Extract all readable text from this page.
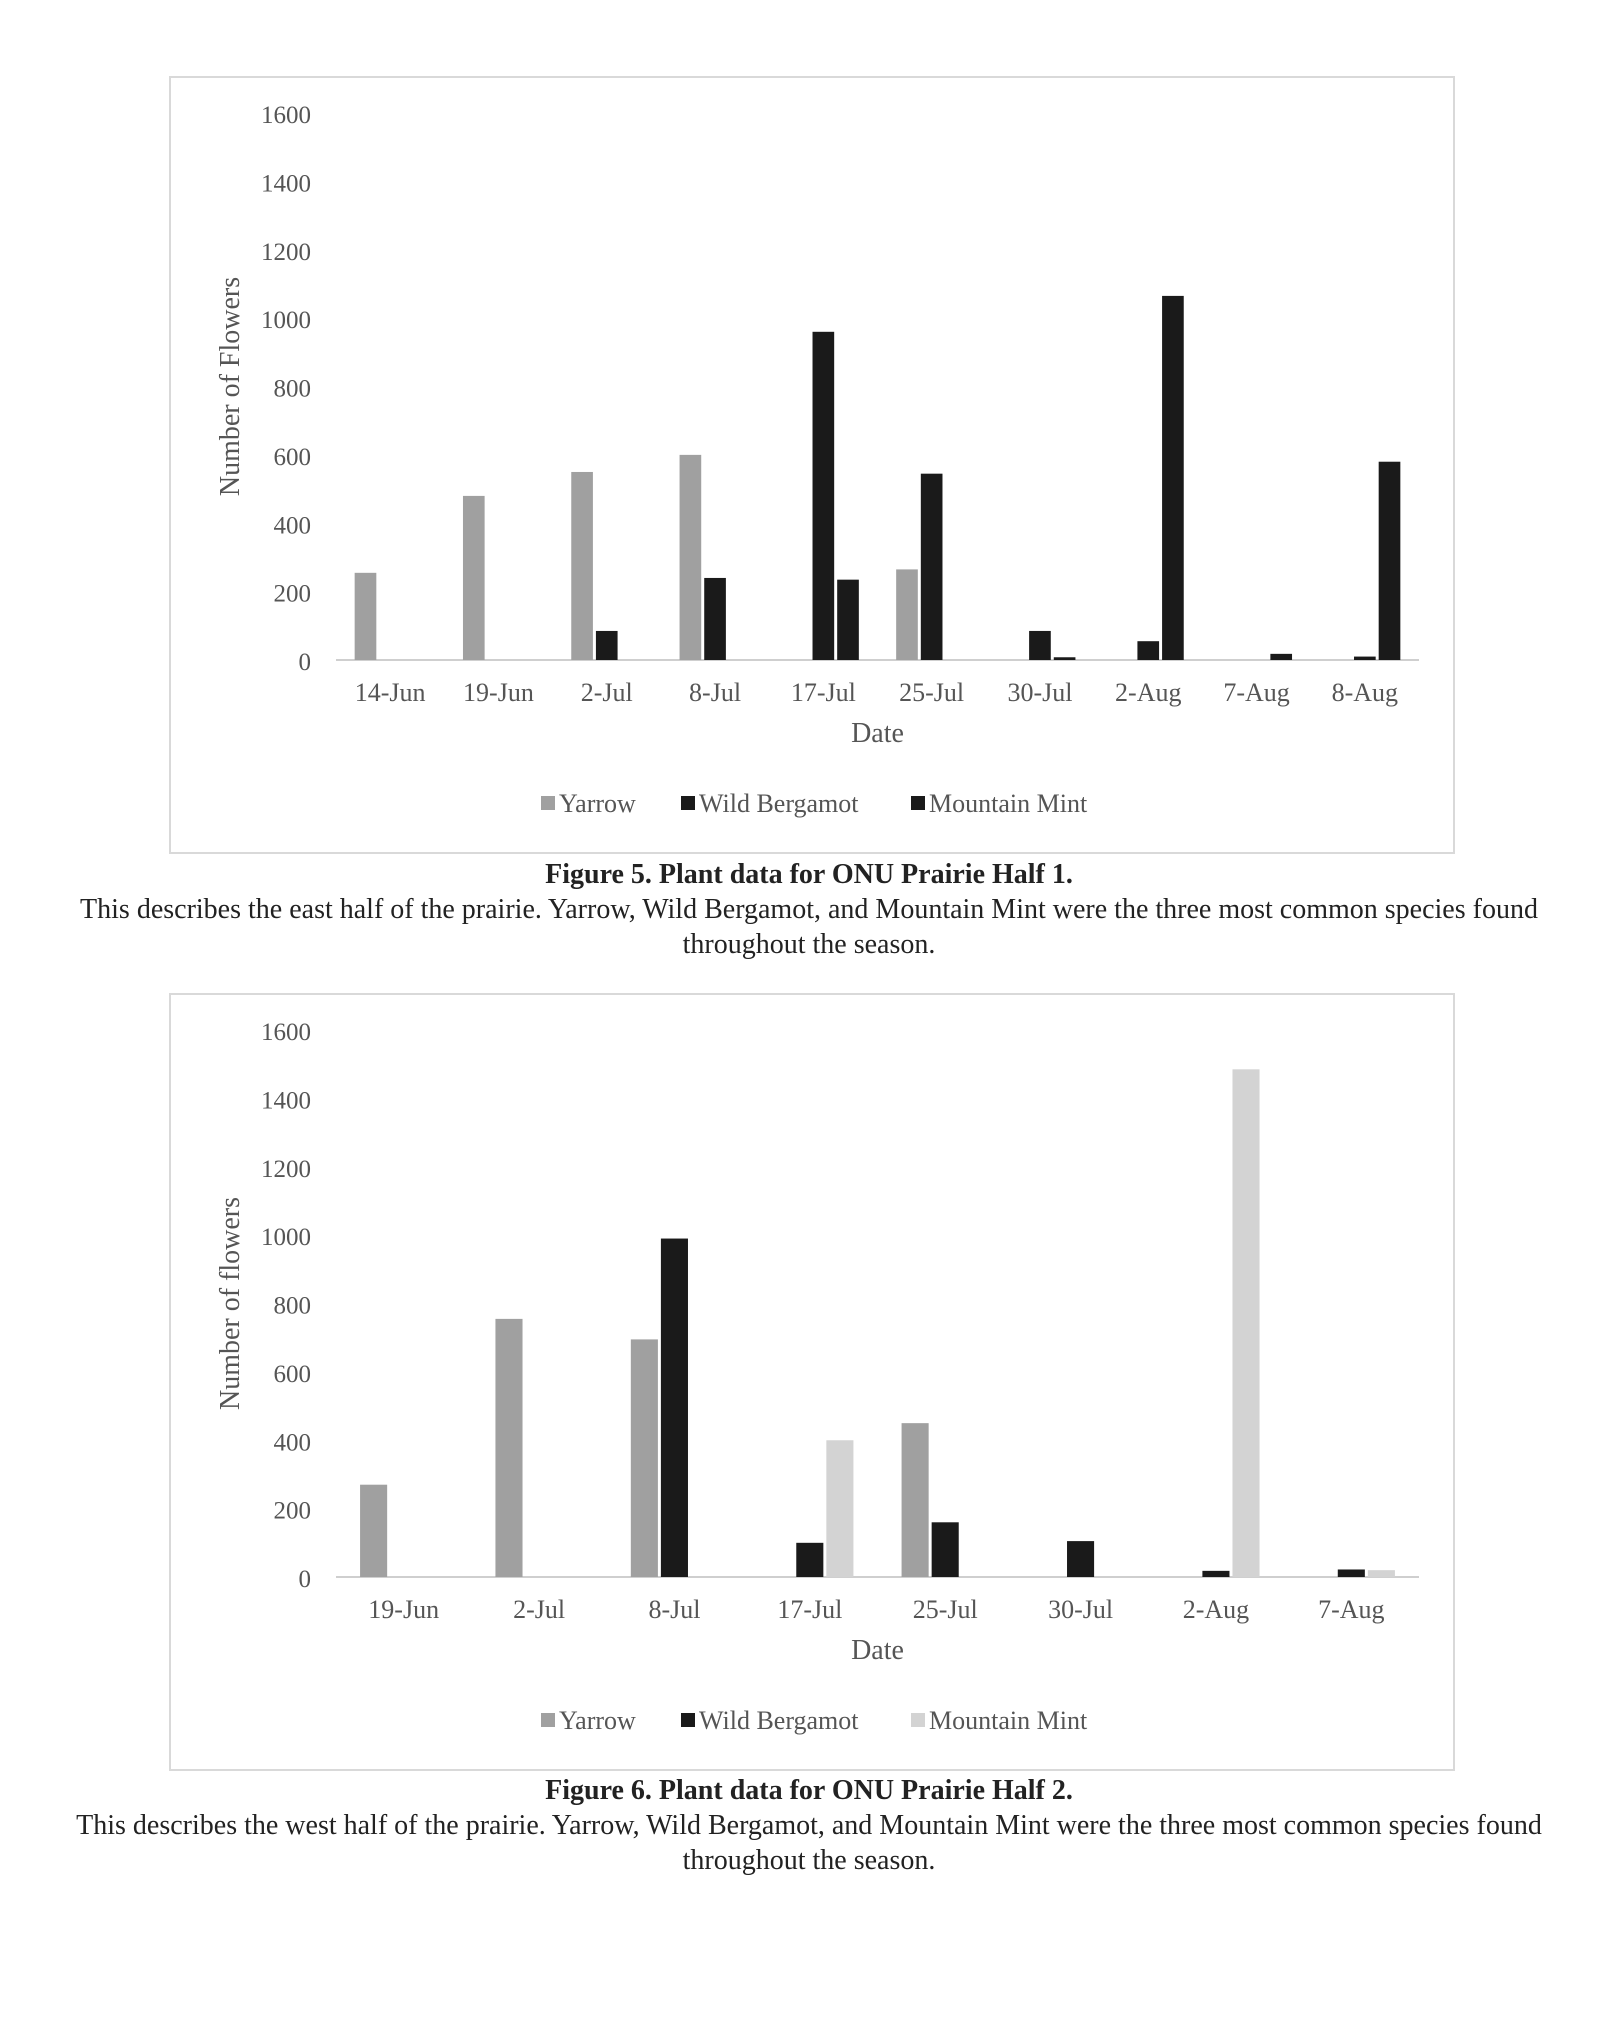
0
200
400
600
800
1000
1200
1400
1600
Number of Flowers
14-Jun 19-Jun 2-Jul 8-Jul 17-Jul 25-Jul 30-Jul 2-Aug 7-Aug 8-Aug
Date
Yarrow Wild Bergamot	Mountain Mint
Figure 5. Plant data for ONU Prairie Half 1.
This describes the east half of the prairie. Yarrow, Wild Bergamot, and Mountain Mint were the three most common species found throughout the season.
0
200
400
600
800
1000
1200
1400
1600
Number of flowers
19-Jun	2-Jul	8-Jul	17-Jul	25-Jul	30-Jul	2-Aug	7-Aug
Date
Yarrow Wild Bergamot	Mountain Mint
Figure 6. Plant data for ONU Prairie Half 2.
This describes the west half of the prairie. Yarrow, Wild Bergamot, and Mountain Mint were the three most common species found throughout the season.
